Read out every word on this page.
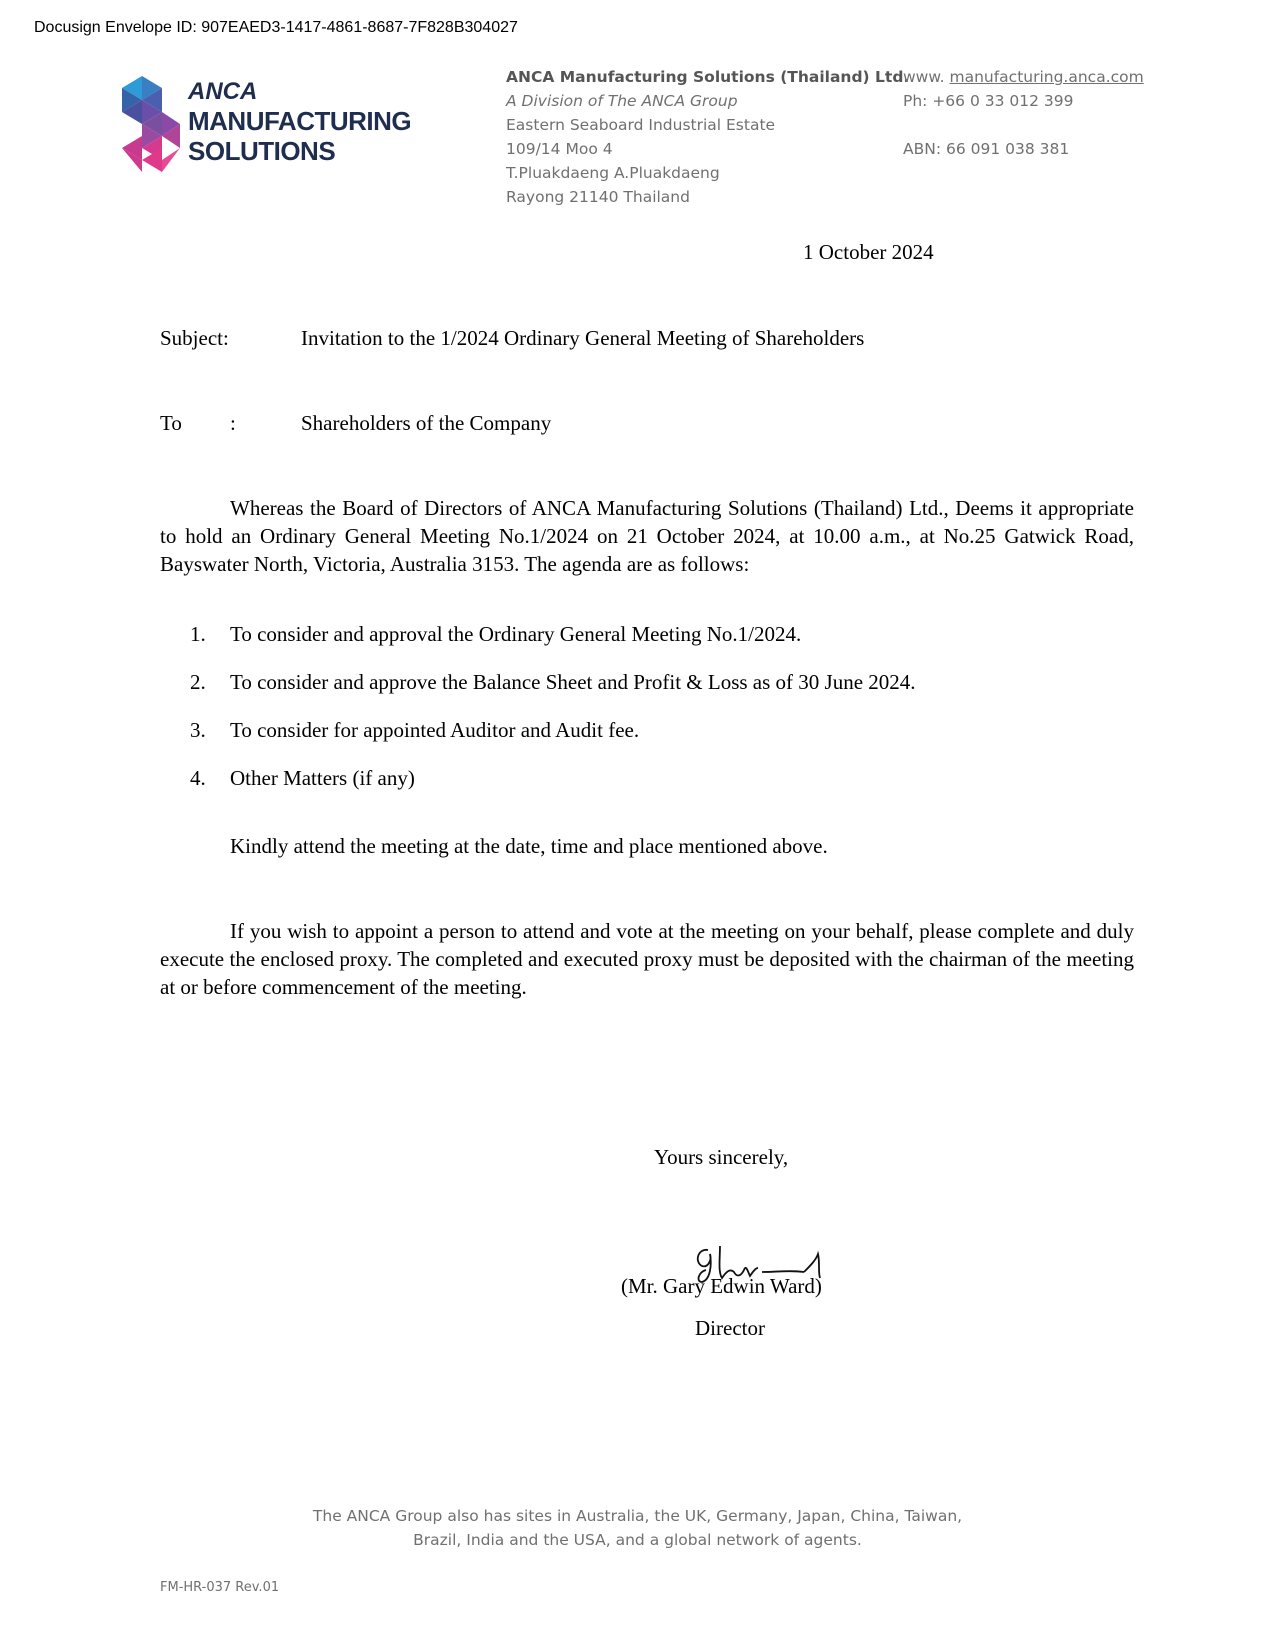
Docusign Envelope ID: 907EAED3-1417-4861-8687-7F828B304027
ANCA
MANUFACTURING
SOLUTIONS
ANCA Manufacturing Solutions (Thailand) Ltd.
A Division of The ANCA Group
Eastern Seaboard Industrial Estate
109/14 Moo 4
T.Pluakdaeng A.Pluakdaeng
Rayong 21140 Thailand
www. manufacturing.anca.com
Ph: +66 0 33 012 399
ABN: 66 091 038 381
1 October 2024
Subject:	Invitation to the 1/2024 Ordinary General Meeting of Shareholders
To :	Shareholders of the Company
Whereas the Board of Directors of ANCA Manufacturing Solutions (Thailand) Ltd., Deems it appropriate to hold an Ordinary General Meeting No.1/2024 on 21 October 2024, at 10.00 a.m., at No.25 Gatwick Road, Bayswater North, Victoria, Australia 3153. The agenda are as follows:
1. To consider and approval the Ordinary General Meeting No.1/2024.
2. To consider and approve the Balance Sheet and Profit & Loss as of 30 June 2024.
3. To consider for appointed Auditor and Audit fee.
4. Other Matters (if any)
Kindly attend the meeting at the date, time and place mentioned above.
If you wish to appoint a person to attend and vote at the meeting on your behalf, please complete and duly execute the enclosed proxy. The completed and executed proxy must be deposited with the chairman of the meeting at or before commencement of the meeting.
Yours sincerely,
(Mr. Gary Edwin Ward)
Director
The ANCA Group also has sites in Australia, the UK, Germany, Japan, China, Taiwan,
Brazil, India and the USA, and a global network of agents.
FM-HR-037 Rev.01
